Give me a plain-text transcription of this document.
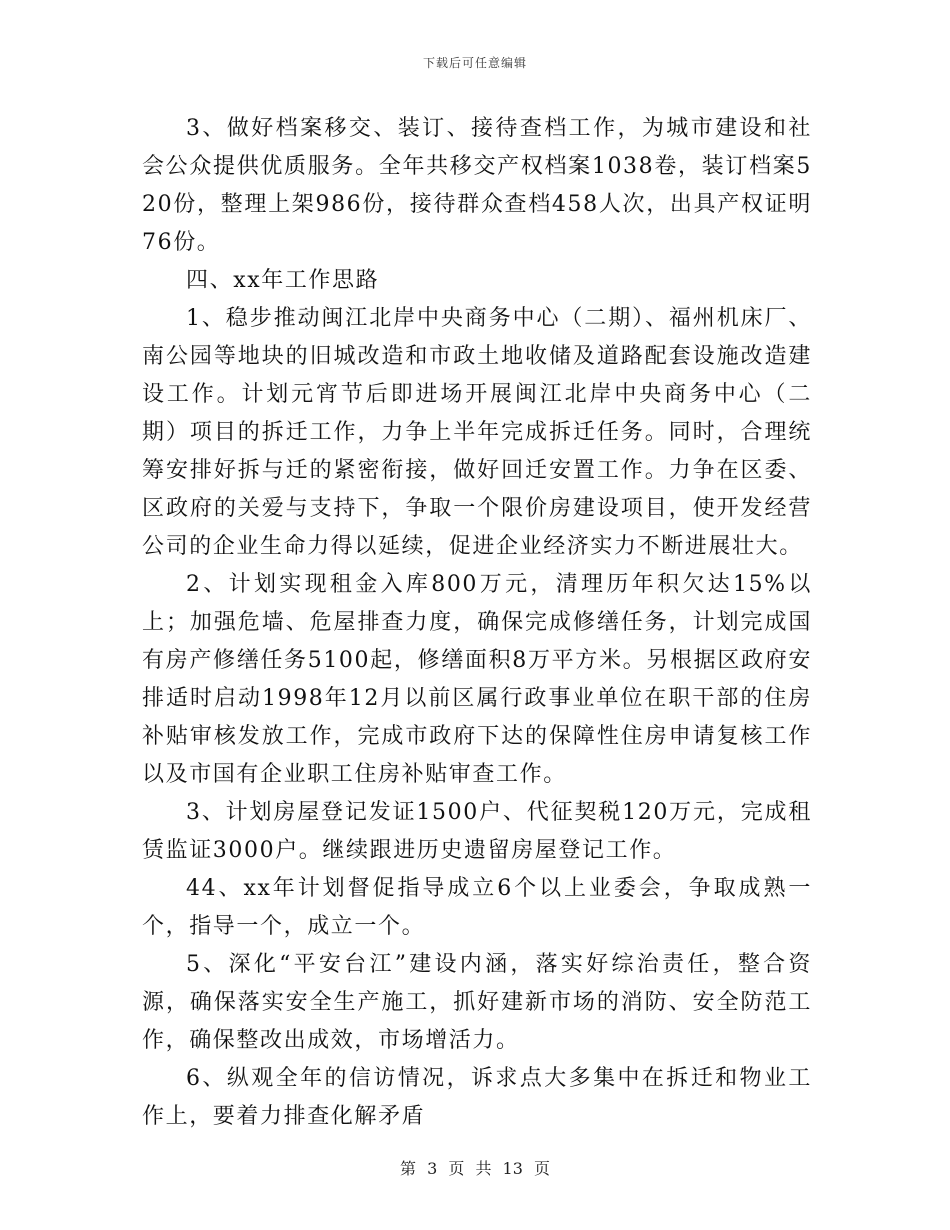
下载后可任意编辑

3、做好档案移交、装订、接待查档工作，为城市建设和社会公众提供优质服务。全年共移交产权档案1038卷，装订档案520份，整理上架986份，接待群众查档458人次，出具产权证明76份。

四、xx年工作思路

1、稳步推动闽江北岸中央商务中心（二期）、福州机床厂、南公园等地块的旧城改造和市政土地收储及道路配套设施改造建设工作。计划元宵节后即进场开展闽江北岸中央商务中心（二期）项目的拆迁工作，力争上半年完成拆迁任务。同时，合理统筹安排好拆与迁的紧密衔接，做好回迁安置工作。力争在区委、区政府的关爱与支持下，争取一个限价房建设项目，使开发经营公司的企业生命力得以延续，促进企业经济实力不断进展壮大。

2、计划实现租金入库800万元，清理历年积欠达15%以上；加强危墙、危屋排查力度，确保完成修缮任务，计划完成国有房产修缮任务5100起，修缮面积8万平方米。另根据区政府安排适时启动1998年12月以前区属行政事业单位在职干部的住房补贴审核发放工作，完成市政府下达的保障性住房申请复核工作以及市国有企业职工住房补贴审查工作。

3、计划房屋登记发证1500户、代征契税120万元，完成租赁监证3000户。继续跟进历史遗留房屋登记工作。

44、xx年计划督促指导成立6个以上业委会，争取成熟一个，指导一个，成立一个。

5、深化“平安台江”建设内涵，落实好综治责任，整合资源，确保落实安全生产施工，抓好建新市场的消防、安全防范工作，确保整改出成效，市场增活力。

6、纵观全年的信访情况，诉求点大多集中在拆迁和物业工作上，要着力排查化解矛盾

第 3 页 共 13 页
